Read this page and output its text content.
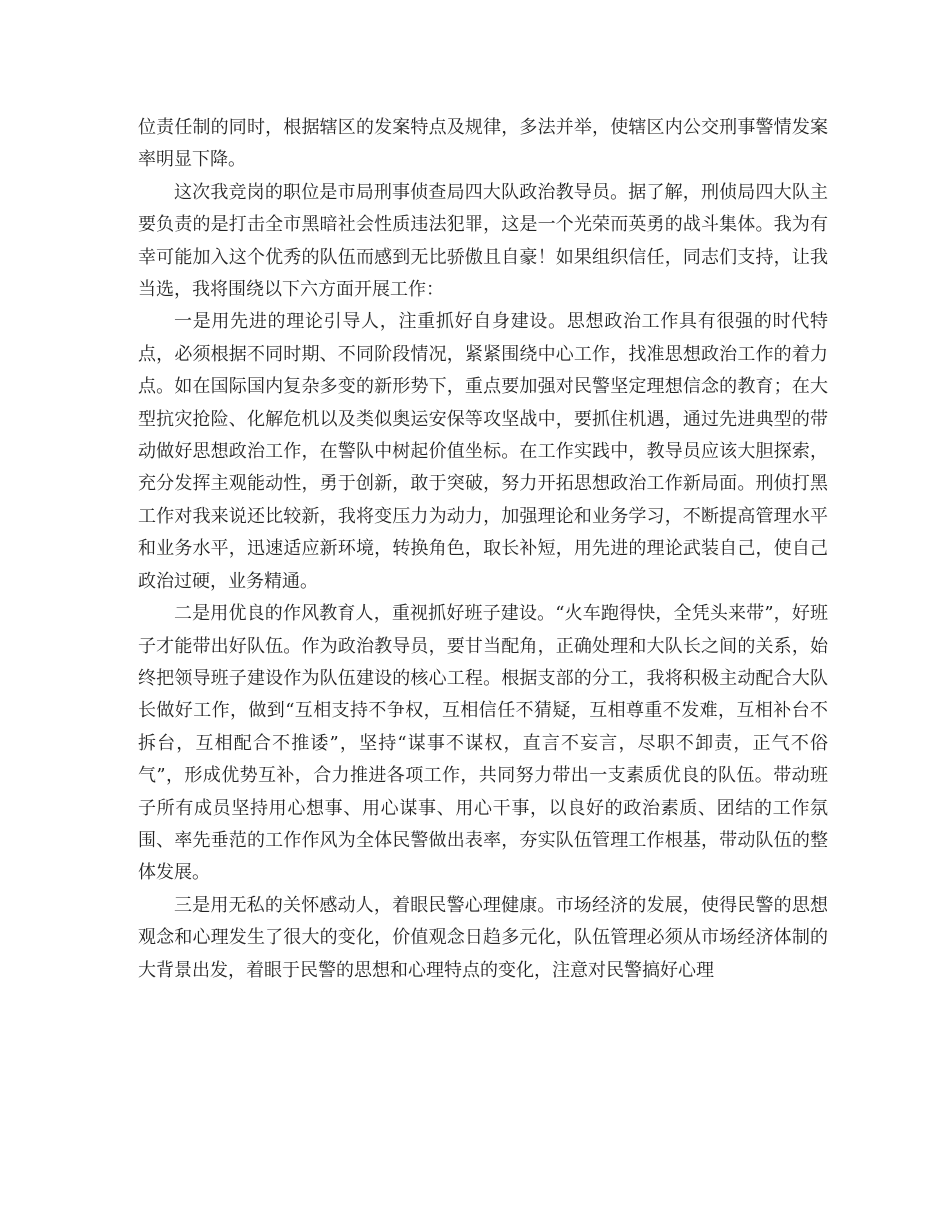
位责任制的同时，根据辖区的发案特点及规律，多法并举，使辖区内公交刑事警情发案率明显下降。

这次我竞岗的职位是市局刑事侦查局四大队政治教导员。据了解，刑侦局四大队主要负责的是打击全市黑暗社会性质违法犯罪，这是一个光荣而英勇的战斗集体。我为有幸可能加入这个优秀的队伍而感到无比骄傲且自豪！如果组织信任，同志们支持，让我当选，我将围绕以下六方面开展工作：

一是用先进的理论引导人，注重抓好自身建设。思想政治工作具有很强的时代特点，必须根据不同时期、不同阶段情况，紧紧围绕中心工作，找准思想政治工作的着力点。如在国际国内复杂多变的新形势下，重点要加强对民警坚定理想信念的教育；在大型抗灾抢险、化解危机以及类似奥运安保等攻坚战中，要抓住机遇，通过先进典型的带动做好思想政治工作，在警队中树起价值坐标。在工作实践中，教导员应该大胆探索，充分发挥主观能动性，勇于创新，敢于突破，努力开拓思想政治工作新局面。刑侦打黑工作对我来说还比较新，我将变压力为动力，加强理论和业务学习，不断提高管理水平和业务水平，迅速适应新环境，转换角色，取长补短，用先进的理论武装自己，使自己政治过硬，业务精通。

二是用优良的作风教育人，重视抓好班子建设。“火车跑得快，全凭头来带”，好班子才能带出好队伍。作为政治教导员，要甘当配角，正确处理和大队长之间的关系，始终把领导班子建设作为队伍建设的核心工程。根据支部的分工，我将积极主动配合大队长做好工作，做到“互相支持不争权，互相信任不猜疑，互相尊重不发难，互相补台不拆台，互相配合不推诿”，坚持“谋事不谋权，直言不妄言，尽职不卸责，正气不俗气”，形成优势互补，合力推进各项工作，共同努力带出一支素质优良的队伍。带动班子所有成员坚持用心想事、用心谋事、用心干事，以良好的政治素质、团结的工作氛围、率先垂范的工作作风为全体民警做出表率，夯实队伍管理工作根基，带动队伍的整体发展。

三是用无私的关怀感动人，着眼民警心理健康。市场经济的发展，使得民警的思想观念和心理发生了很大的变化，价值观念日趋多元化，队伍管理必须从市场经济体制的大背景出发，着眼于民警的思想和心理特点的变化，注意对民警搞好心理
